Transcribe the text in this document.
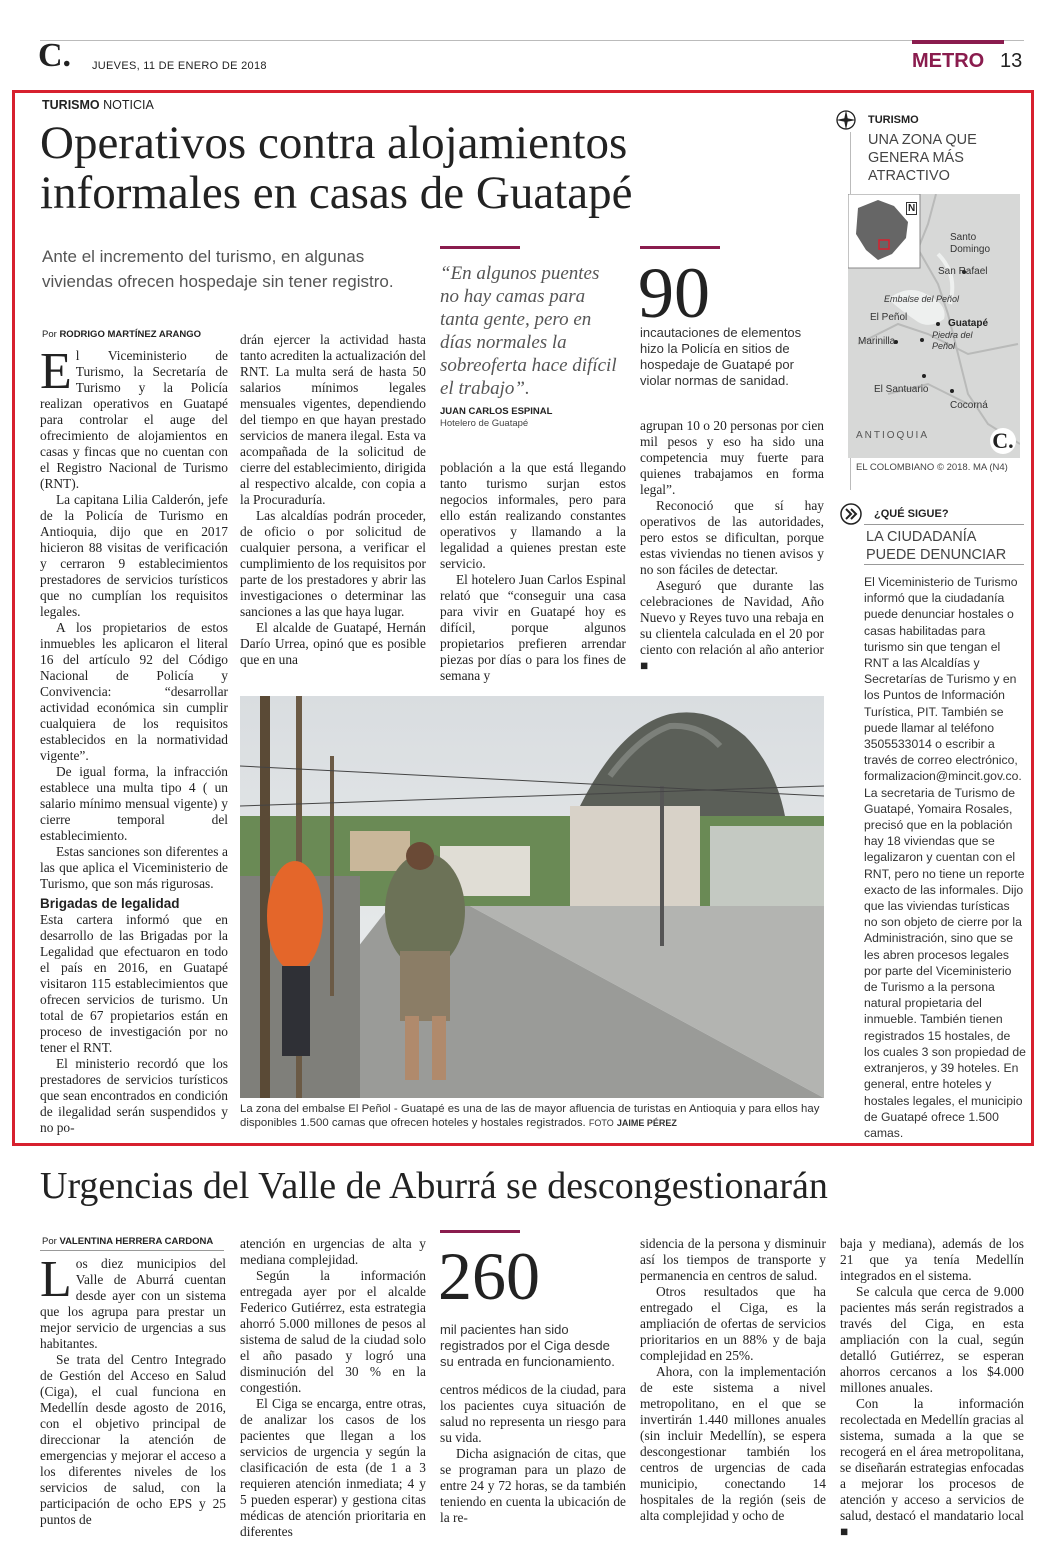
C. JUEVES, 11 DE ENERO DE 2018	METRO 13
TURISMO NOTICIA
Operativos contra alojamientos
informales en casas de Guatapé
Ante el incremento del turismo, en algunas viviendas ofrecen hospedaje sin tener registro.
Por RODRIGO MARTÍNEZ ARANGO

El Viceministerio de Turismo, la Secretaría de Turismo y la Policía realizan operativos en Guatapé para controlar el auge del ofrecimiento de alojamientos en casas y fincas que no cuentan con el Registro Nacional de Turismo (RNT).

La capitana Lilia Calderón, jefe de la Policía de Turismo en Antioquia, dijo que en 2017 hicieron 88 visitas de verificación y cerraron 9 establecimientos prestadores de servicios turísticos que no cumplían los requisitos legales.

A los propietarios de estos inmuebles les aplicaron el literal 16 del artículo 92 del Código Nacional de Policía y Convivencia: “desarrollar actividad económica sin cumplir cualquiera de los requisitos establecidos en la normatividad vigente”.

De igual forma, la infracción establece una multa tipo 4 ( un salario mínimo mensual vigente) y cierre temporal del establecimiento.

Estas sanciones son diferentes a las que aplica el Viceministerio de Turismo, que son más rigurosas.

Brigadas de legalidad

Esta cartera informó que en desarrollo de las Brigadas por la Legalidad que efectuaron en todo el país en 2016, en Guatapé visitaron 115 establecimientos que ofrecen servicios de turismo. Un total de 67 propietarios están en proceso de investigación por no tener el RNT.

El ministerio recordó que los prestadores de servicios turísticos que sean encontrados en condición de ilegalidad serán suspendidos y no po-

drán ejercer la actividad hasta tanto acrediten la actualización del RNT. La multa será de hasta 50 salarios mínimos legales mensuales vigentes, dependiendo del tiempo en que hayan prestado servicios de manera ilegal. Esta va acompañada de la solicitud de cierre del establecimiento, dirigida al respectivo alcalde, con copia a la Procuraduría.

Las alcaldías podrán proceder, de oficio o por solicitud de cualquier persona, a verificar el cumplimiento de los requisitos por parte de los prestadores y abrir las investigaciones o determinar las sanciones a las que haya lugar.

El alcalde de Guatapé, Hernán Darío Urrea, opinó que es posible que en una

“En algunos puentes no hay camas para tanta gente, pero en días normales la sobreoferta hace difícil el trabajo”.
JUAN CARLOS ESPINAL
Hotelero de Guatapé
90
incautaciones de elementos hizo la Policía en sitios de hospedaje de Guatapé por violar normas de sanidad.

población a la que está llegando tanto turismo surjan estos negocios informales, pero para ello están realizando constantes operativos y llamando a la legalidad a quienes prestan este servicio.

El hotelero Juan Carlos Espinal relató que “conseguir una casa para vivir en Guatapé hoy es difícil, porque algunos propietarios prefieren arrendar piezas por días o para los fines de semana y

agrupan 10 o 20 personas por cien mil pesos y eso ha sido una competencia muy fuerte para quienes trabajamos en forma legal”.

Reconoció que sí hay operativos de las autoridades, pero estos se dificultan, porque estas viviendas no tienen avisos y no son fáciles de detectar.

Aseguró que durante las celebraciones de Navidad, Año Nuevo y Reyes tuvo una rebaja en su clientela calculada en el 20 por ciento con relación al año anterior ■

La zona del embalse El Peñol - Guatapé es una de las de mayor afluencia de turistas en Antioquia y para ellos hay disponibles 1.500 camas que ofrecen hoteles y hostales registrados. FOTO JAIME PÉREZ
TURISMO
UNA ZONA QUE GENERA MÁS ATRACTIVO
N
Santo Domingo
San Rafael
Embalse del Peñol
El Peñol
Guatapé
Marinilla
Piedra del Peñol
El Santuario
Cocorná
ANTIOQUIA	C.
EL COLOMBIANO © 2018. MA (N4)
¿QUÉ SIGUE?
LA CIUDADANÍA PUEDE DENUNCIAR
El Viceministerio de Turismo informó que la ciudadanía puede denunciar hostales o casas habilitadas para turismo sin que tengan el RNT a las Alcaldías y Secretarías de Turismo y en los Puntos de Información Turística, PIT. También se puede llamar al teléfono 3505533014 o escribir a través de correo electrónico, formalizacion@mincit.gov.co.
La secretaria de Turismo de Guatapé, Yomaira Rosales, precisó que en la población hay 18 viviendas que se legalizaron y cuentan con el RNT, pero no tiene un reporte exacto de las informales. Dijo que las viviendas turísticas no son objeto de cierre por la Administración, sino que se les abren procesos legales por parte del Viceministerio de Turismo a la persona natural propietaria del inmueble. También tienen registrados 15 hostales, de los cuales 3 son propiedad de extranjeros, y 39 hoteles. En general, entre hoteles y hostales legales, el municipio de Guatapé ofrece 1.500 camas.
Urgencias del Valle de Aburrá se descongestionarán
Por VALENTINA HERRERA CARDONA

Los diez municipios del Valle de Aburrá cuentan desde ayer con un sistema que los agrupa para prestar un mejor servicio de urgencias a sus habitantes.

Se trata del Centro Integrado de Gestión del Acceso en Salud (Ciga), el cual funciona en Medellín desde agosto de 2016, con el objetivo principal de direccionar la atención de emergencias y mejorar el acceso a los diferentes niveles de los servicios de salud, con la participación de ocho EPS y 25 puntos de

atención en urgencias de alta y mediana complejidad.

Según la información entregada ayer por el alcalde Federico Gutiérrez, esta estrategia ahorró 5.000 millones de pesos al sistema de salud de la ciudad solo el año pasado y logró una disminución del 30 % en la congestión.

El Ciga se encarga, entre otras, de analizar los casos de los pacientes que llegan a los servicios de urgencia y según la clasificación de esta (de 1 a 3 requieren atención inmediata; 4 y 5 pueden esperar) y gestiona citas médicas de atención prioritaria en diferentes

260
mil pacientes han sido registrados por el Ciga desde su entrada en funcionamiento.

centros médicos de la ciudad, para los pacientes cuya situación de salud no representa un riesgo para su vida.

Dicha asignación de citas, que se programan para un plazo de entre 24 y 72 horas, se da también teniendo en cuenta la ubicación de la re-

sidencia de la persona y disminuir así los tiempos de transporte y permanencia en centros de salud.

Otros resultados que ha entregado el Ciga, es la ampliación de ofertas de servicios prioritarios en un 88% y de baja complejidad en 25%.

Ahora, con la implementación de este sistema a nivel metropolitano, en el que se invertirán 1.440 millones anuales (sin incluir Medellín), se espera descongestionar también los centros de urgencias de cada municipio, conectando 14 hospitales de la región (seis de alta complejidad y ocho de

baja y mediana), además de los 21 que ya tenía Medellín integrados en el sistema.

Se calcula que cerca de 9.000 pacientes más serán registrados a través del Ciga, en esta ampliación con la cual, según detalló Gutiérrez, se esperan ahorros cercanos a los $4.000 millones anuales.

Con la información recolectada en Medellín gracias al sistema, sumada a la que se recogerá en el área metropolitana, se diseñarán estrategias enfocadas a mejorar los procesos de atención y acceso a servicios de salud, destacó el mandatario local ■
